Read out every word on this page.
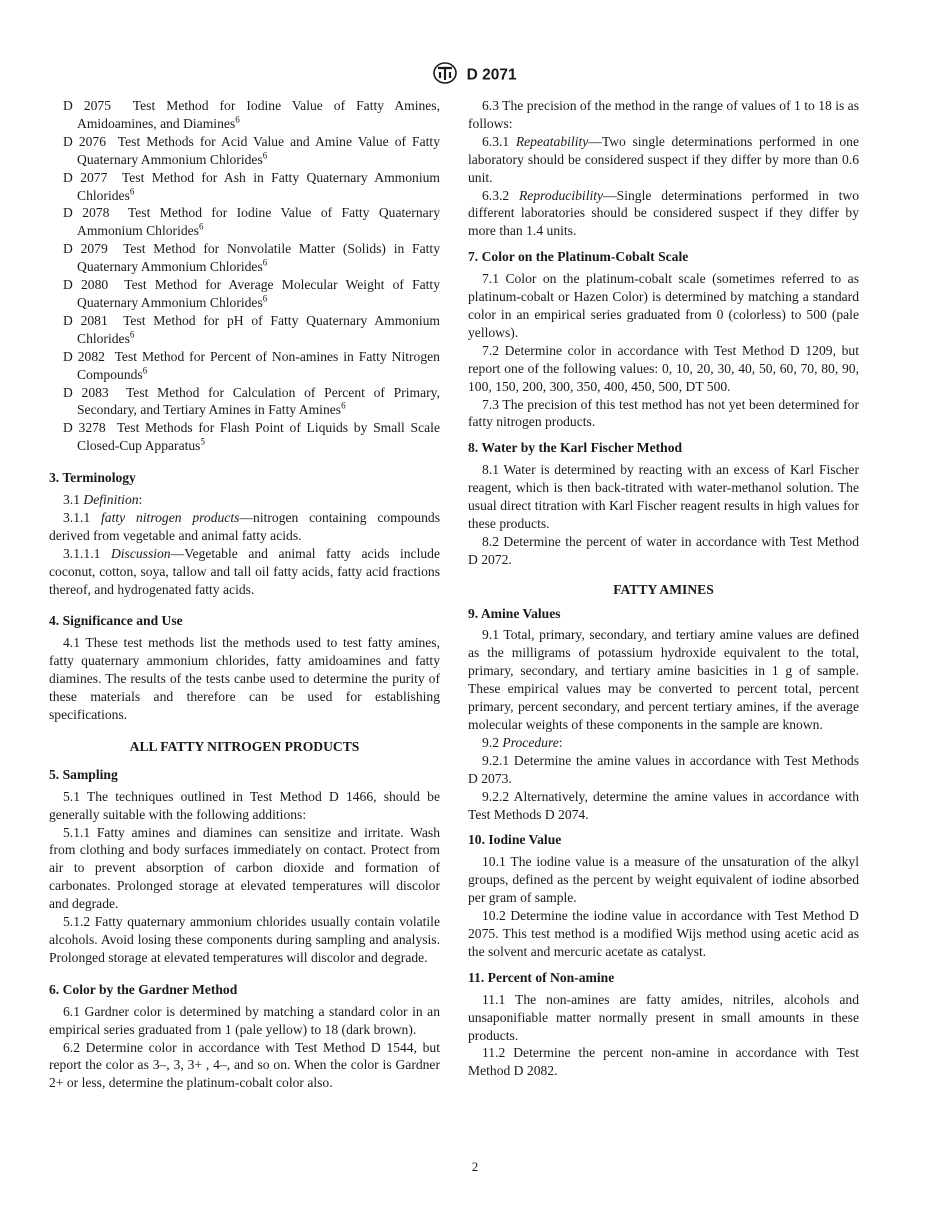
D 2071

D 2075 Test Method for Iodine Value of Fatty Amines, Amidoamines, and Diamines$^6$

D 2076 Test Methods for Acid Value and Amine Value of Fatty Quaternary Ammonium Chlorides$^6$

D 2077 Test Method for Ash in Fatty Quaternary Ammonium Chlorides$^6$

D 2078 Test Method for Iodine Value of Fatty Quaternary Ammonium Chlorides$^6$

D 2079 Test Method for Nonvolatile Matter (Solids) in Fatty Quaternary Ammonium Chlorides$^6$

D 2080 Test Method for Average Molecular Weight of Fatty Quaternary Ammonium Chlorides$^6$

D 2081 Test Method for pH of Fatty Quaternary Ammonium Chlorides$^6$

D 2082 Test Method for Percent of Non-amines in Fatty Nitrogen Compounds$^6$

D 2083 Test Method for Calculation of Percent of Primary, Secondary, and Tertiary Amines in Fatty Amines$^6$

D 3278 Test Methods for Flash Point of Liquids by Small Scale Closed-Cup Apparatus$^5$

3. Terminology

3.1 Definition:

3.1.1 fatty nitrogen products—nitrogen containing compounds derived from vegetable and animal fatty acids.

3.1.1.1 Discussion—Vegetable and animal fatty acids include coconut, cotton, soya, tallow and tall oil fatty acids, fatty acid fractions thereof, and hydrogenated fatty acids.

4. Significance and Use

4.1 These test methods list the methods used to test fatty amines, fatty quaternary ammonium chlorides, fatty amidoamines and fatty diamines. The results of the tests canbe used to determine the purity of these materials and therefore can be used for establishing specifications.

ALL FATTY NITROGEN PRODUCTS

5. Sampling

5.1 The techniques outlined in Test Method D 1466, should be generally suitable with the following additions:

5.1.1 Fatty amines and diamines can sensitize and irritate. Wash from clothing and body surfaces immediately on contact. Protect from air to prevent absorption of carbon dioxide and formation of carbonates. Prolonged storage at elevated temperatures will discolor and degrade.

5.1.2 Fatty quaternary ammonium chlorides usually contain volatile alcohols. Avoid losing these components during sampling and analysis. Prolonged storage at elevated temperatures will discolor and degrade.

6. Color by the Gardner Method

6.1 Gardner color is determined by matching a standard color in an empirical series graduated from 1 (pale yellow) to 18 (dark brown).

6.2 Determine color in accordance with Test Method D 1544, but report the color as 3–, 3, 3+ , 4–, and so on. When the color is Gardner 2+ or less, determine the platinum-cobalt color also.

6.3 The precision of the method in the range of values of 1 to 18 is as follows:

6.3.1 Repeatability—Two single determinations performed in one laboratory should be considered suspect if they differ by more than 0.6 unit.

6.3.2 Reproducibility—Single determinations performed in two different laboratories should be considered suspect if they differ by more than 1.4 units.

7. Color on the Platinum-Cobalt Scale

7.1 Color on the platinum-cobalt scale (sometimes referred to as platinum-cobalt or Hazen Color) is determined by matching a standard color in an empirical series graduated from 0 (colorless) to 500 (pale yellows).

7.2 Determine color in accordance with Test Method D 1209, but report one of the following values: 0, 10, 20, 30, 40, 50, 60, 70, 80, 90, 100, 150, 200, 300, 350, 400, 450, 500, DT 500.

7.3 The precision of this test method has not yet been determined for fatty nitrogen products.

8. Water by the Karl Fischer Method

8.1 Water is determined by reacting with an excess of Karl Fischer reagent, which is then back-titrated with water-methanol solution. The usual direct titration with Karl Fischer reagent results in high values for these products.

8.2 Determine the percent of water in accordance with Test Method D 2072.

FATTY AMINES

9. Amine Values

9.1 Total, primary, secondary, and tertiary amine values are defined as the milligrams of potassium hydroxide equivalent to the total, primary, secondary, and tertiary amine basicities in 1 g of sample. These empirical values may be converted to percent total, percent primary, percent secondary, and percent tertiary amines, if the average molecular weights of these components in the sample are known.

9.2 Procedure:

9.2.1 Determine the amine values in accordance with Test Methods D 2073.

9.2.2 Alternatively, determine the amine values in accordance with Test Methods D 2074.

10. Iodine Value

10.1 The iodine value is a measure of the unsaturation of the alkyl groups, defined as the percent by weight equivalent of iodine absorbed per gram of sample.

10.2 Determine the iodine value in accordance with Test Method D 2075. This test method is a modified Wijs method using acetic acid as the solvent and mercuric acetate as catalyst.

11. Percent of Non-amine

11.1 The non-amines are fatty amides, nitriles, alcohols and unsaponifiable matter normally present in small amounts in these products.

11.2 Determine the percent non-amine in accordance with Test Method D 2082.

2
